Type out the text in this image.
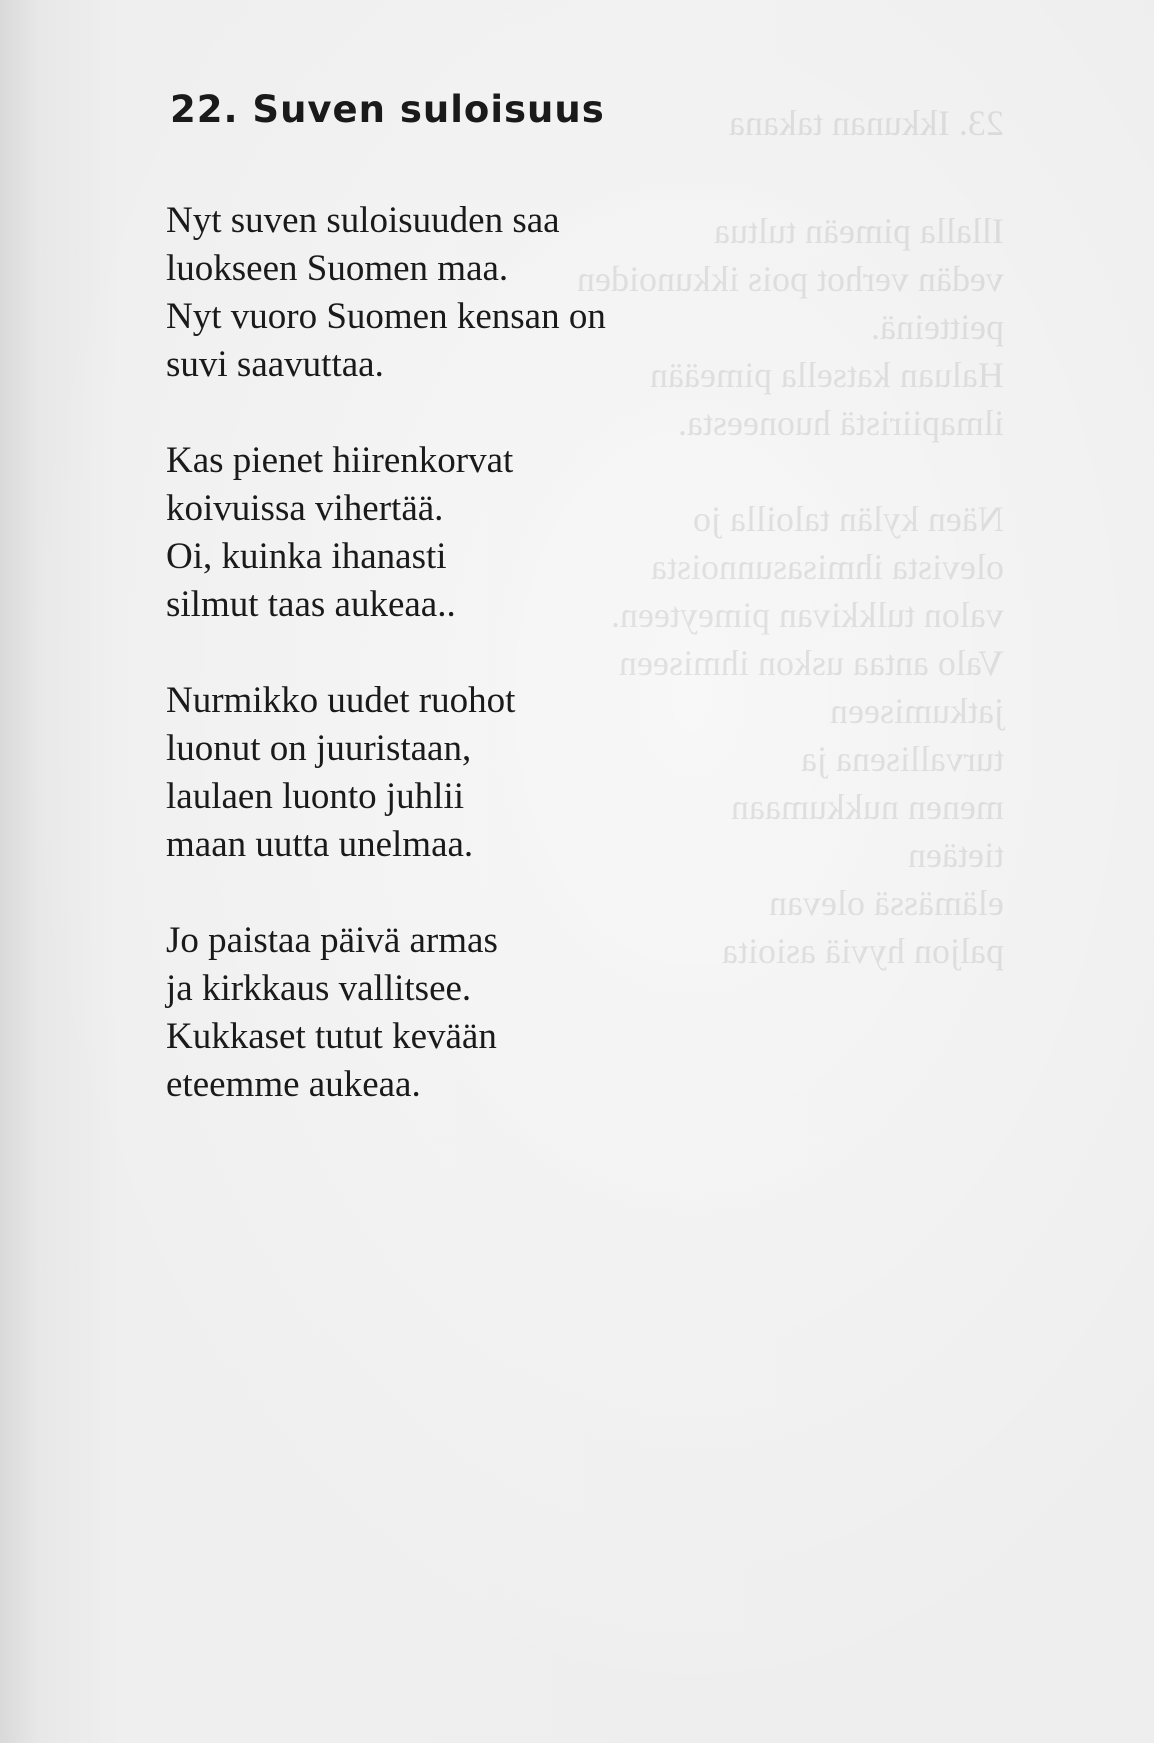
23. Ikkunan takana
Illalla pimeän tultua
vedän verhot pois ikkunoiden
peitteinä.
Haluan katsella pimeään
ilmapiiristä huoneesta.
Näen kylän taloilla jo
olevista ihmisasunnoista
valon tulkkivan pimeyteen.
Valo antaa uskon ihmiseen
jatkumiseen
turvallisena ja
menen nukkumaan
tietäen
elämässä olevan
paljon hyviä asioita
22. Suven suloisuus
Nyt suven suloisuuden saa
luokseen Suomen maa.
Nyt vuoro Suomen kensan on
suvi saavuttaa.
Kas pienet hiirenkorvat
koivuissa vihertää.
Oi, kuinka ihanasti
silmut taas aukeaa..
Nurmikko uudet ruohot
luonut on juuristaan,
laulaen luonto juhlii
maan uutta unelmaa.
Jo paistaa päivä armas
ja kirkkaus vallitsee.
Kukkaset tutut kevään
eteemme aukeaa.
